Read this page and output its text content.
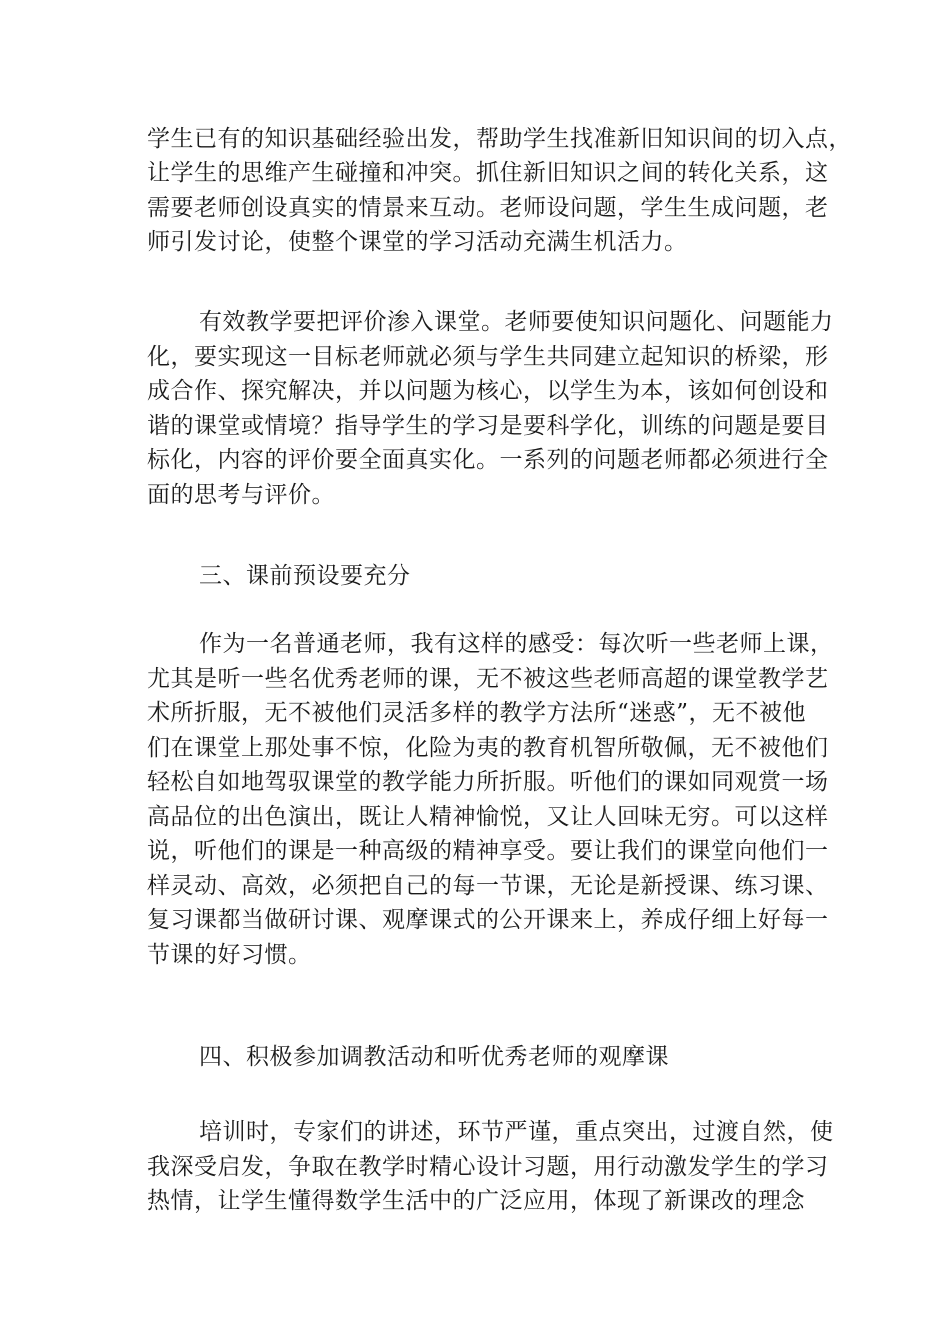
学生已有的知识基础经验出发，帮助学生找准新旧知识间的切入点，
让学生的思维产生碰撞和冲突。抓住新旧知识之间的转化关系，这
需要老师创设真实的情景来互动。老师设问题，学生生成问题，老
师引发讨论，使整个课堂的学习活动充满生机活力。
有效教学要把评价渗入课堂。老师要使知识问题化、问题能力
化，要实现这一目标老师就必须与学生共同建立起知识的桥梁，形
成合作、探究解决，并以问题为核心，以学生为本，该如何创设和
谐的课堂或情境？指导学生的学习是要科学化，训练的问题是要目
标化，内容的评价要全面真实化。一系列的问题老师都必须进行全
面的思考与评价。
三、课前预设要充分
作为一名普通老师，我有这样的感受：每次听一些老师上课，
尤其是听一些名优秀老师的课，无不被这些老师高超的课堂教学艺
术所折服，无不被他们灵活多样的教学方法所“迷惑”，无不被他
们在课堂上那处事不惊，化险为夷的教育机智所敬佩，无不被他们
轻松自如地驾驭课堂的教学能力所折服。听他们的课如同观赏一场
高品位的出色演出，既让人精神愉悦，又让人回味无穷。可以这样
说，听他们的课是一种高级的精神享受。要让我们的课堂向他们一
样灵动、高效，必须把自己的每一节课，无论是新授课、练习课、
复习课都当做研讨课、观摩课式的公开课来上，养成仔细上好每一
节课的好习惯。
四、积极参加调教活动和听优秀老师的观摩课
培训时，专家们的讲述，环节严谨，重点突出，过渡自然，使
我深受启发，争取在教学时精心设计习题，用行动激发学生的学习
热情，让学生懂得数学生活中的广泛应用，体现了新课改的理念
